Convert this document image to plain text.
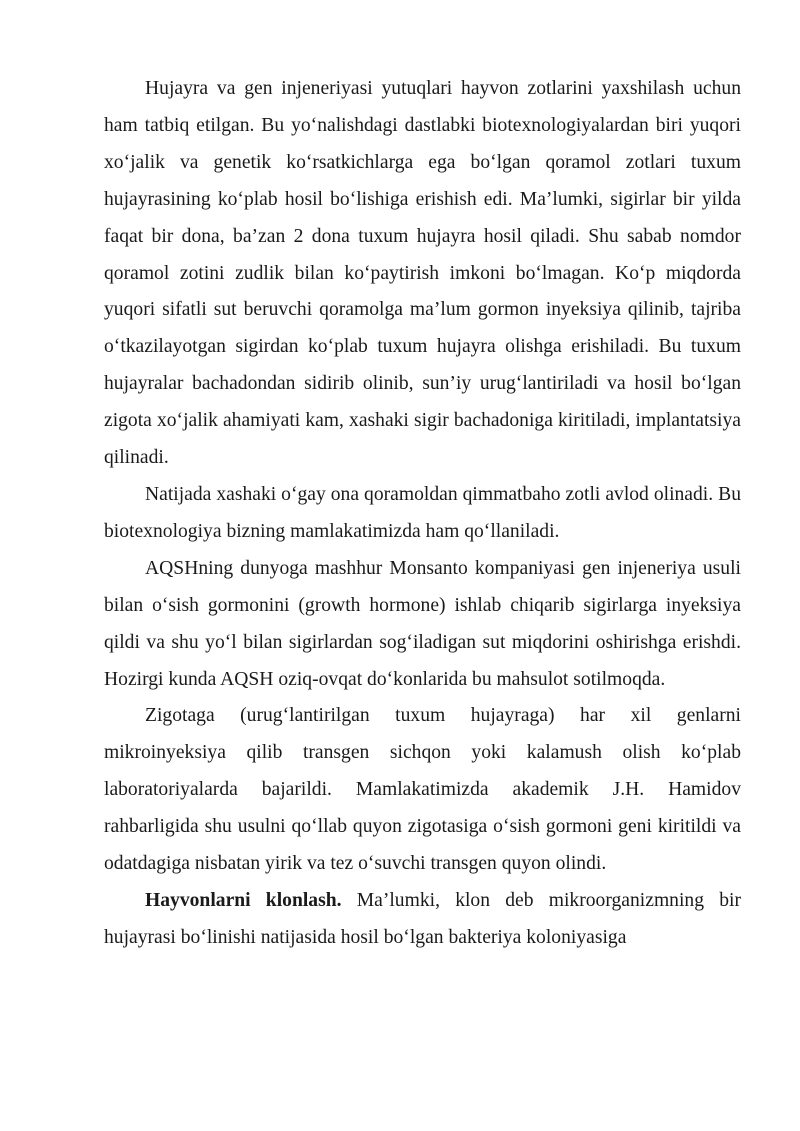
Hujayra va gen injeneriyasi yutuqlari hayvon zotlarini yaxshilash uchun ham tatbiq etilgan. Bu yo‘nalishdagi dastlabki biotexnologiyalardan biri yuqori xo‘jalik va genetik ko‘rsatkichlarga ega bo‘lgan qoramol zotlari tuxum hujayrasining ko‘plab hosil bo‘lishiga erishish edi. Ma’lumki, sigirlar bir yilda faqat bir dona, ba’zan 2 dona tuxum hujayra hosil qiladi. Shu sabab nomdor qoramol zotini zudlik bilan ko‘paytirish imkoni bo‘lmagan. Ko‘p miqdorda yuqori sifatli sut beruvchi qoramolga ma’lum gormon inyeksiya qilinib, tajriba o‘tkazilayotgan sigirdan ko‘plab tuxum hujayra olishga erishiladi. Bu tuxum hujayralar bachadondan sidirib olinib, sun’iy urug‘lantiriladi va hosil bo‘lgan zigota xo‘jalik ahamiyati kam, xashaki sigir bachadoniga kiritiladi, implantatsiya qilinadi.

Natijada xashaki o‘gay ona qoramoldan qimmatbaho zotli avlod olinadi. Bu biotexnologiya bizning mamlakatimizda ham qo‘llaniladi.

AQSHning dunyoga mashhur Monsanto kompaniyasi gen injeneriya usuli bilan o‘sish gormonini (growth hormone) ishlab chiqarib sigirlarga inyeksiya qildi va shu yo‘l bilan sigirlardan sog‘iladigan sut miqdorini oshirishga erishdi. Hozirgi kunda AQSH oziq-ovqat do‘konlarida bu mahsulot sotilmoqda.

Zigotaga (urug‘lantirilgan tuxum hujayraga) har xil genlarni mikroinyeksiya qilib transgen sichqon yoki kalamush olish ko‘plab laboratoriyalarda bajarildi. Mamlakatimizda akademik J.H. Hamidov rahbarligida shu usulni qo‘llab quyon zigotasiga o‘sish gormoni geni kiritildi va odatdagiga nisbatan yirik va tez o‘suvchi transgen quyon olindi.

Hayvonlarni klonlash. Ma’lumki, klon deb mikroorganizmning bir hujayrasi bo‘linishi natijasida hosil bo‘lgan bakteriya koloniyasiga
